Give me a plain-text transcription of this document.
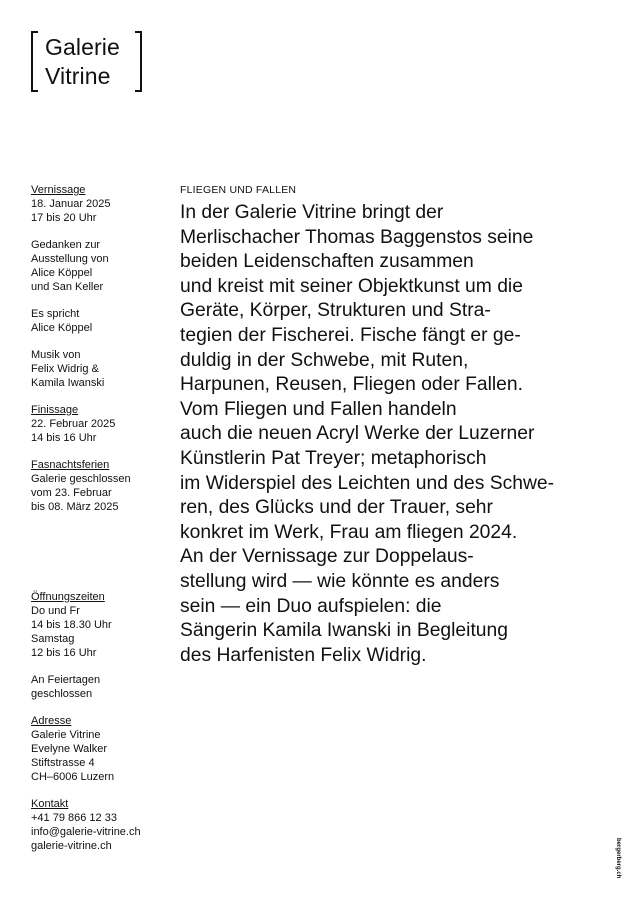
Galerie
Vitrine
Vernissage
18. Januar 2025
17 bis 20 Uhr
Gedanken zur
Ausstellung von
Alice Köppel
und San Keller
Es spricht
Alice Köppel
Musik von
Felix Widrig &
Kamila Iwanski
Finissage
22. Februar 2025
14 bis 16 Uhr
Fasnachtsferien
Galerie geschlossen
vom 23. Februar
bis 08. März 2025
Öffnungszeiten
Do und Fr
14 bis 18.30 Uhr
Samstag
12 bis 16 Uhr
An Feiertagen
geschlossen
Adresse
Galerie Vitrine
Evelyne Walker
Stiftstrasse 4
CH–6006 Luzern
Kontakt
+41 79 866 12 33
info@galerie-vitrine.ch
galerie-vitrine.ch
FLIEGEN UND FALLEN
In der Galerie Vitrine bringt der
Merlischacher Thomas Baggenstos seine
beiden Leidenschaften zusammen
und kreist mit seiner Objektkunst um die
Geräte, Körper, Strukturen und Stra-
tegien der Fischerei. Fische fängt er ge-
duldig in der Schwebe, mit Ruten,
Harpunen, Reusen, Fliegen oder Fallen.
Vom Fliegen und Fallen handeln
auch die neuen Acryl Werke der Luzerner
Künstlerin Pat Treyer; metaphorisch
im Widerspiel des Leichten und des Schwe-
ren, des Glücks und der Trauer, sehr
konkret im Werk, Frau am fliegen 2024.
An der Vernissage zur Doppelaus-
stellung wird — wie könnte es anders
sein — ein Duo aufspielen: die
Sängerin Kamila Iwanski in Begleitung
des Harfenisten Felix Widrig.
bergerberg.ch
